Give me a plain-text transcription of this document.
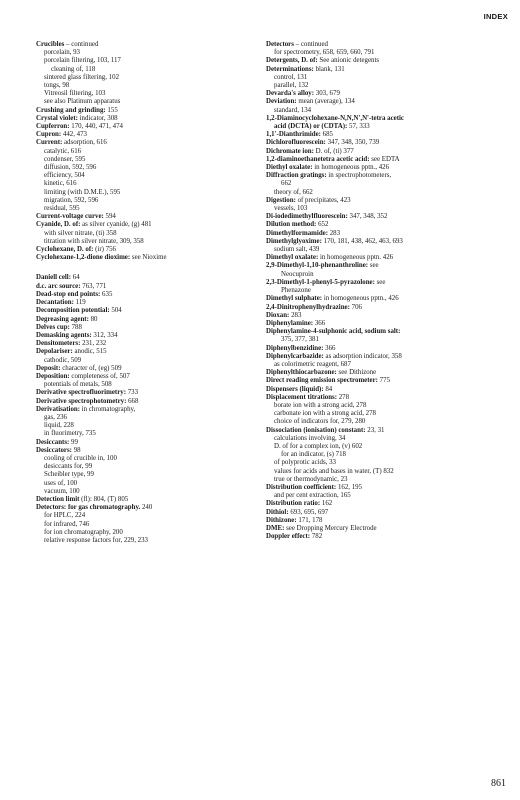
INDEX
Crucibles – continued
porcelain, 93
porcelain filtering, 103, 117
cleaning of, 118
sintered glass filtering, 102
tongs, 98
Vitreosil filtering, 103
see also Platinum apparatus
Crushing and grinding: 155
Crystal violet: indicator, 308
Cupferron: 170, 440, 471, 474
Cupron: 442, 473
Current: adsorption, 616
catalytic, 616
condenser, 595
diffusion, 592, 596
efficiency, 504
kinetic, 616
limiting (with D.M.E.), 595
migration, 592, 596
residual, 595
Current-voltage curve: 594
Cyanide, D. of: as silver cyanide, (g) 481
with silver nitrate, (ti) 358
titration with silver nitrate, 309, 358
Cyclohexane, D. of: (ir) 756
Cyclohexane-1,2-dione dioxime: see Nioxime
Daniell cell: 64
d.c. arc source: 763, 771
Dead-stop end points: 635
Decantation: 119
Decomposition potential: 504
Degreasing agent: 80
Delves cup: 788
Demasking agents: 312, 334
Densitometers: 231, 232
Depolariser: anodic, 515
cathodic, 509
Deposit: character of, (eg) 509
Deposition: completeness of, 507
potentials of metals, 508
Derivative spectrofluorimetry: 733
Derivative spectrophotometry: 668
Derivatisation: in chromatography,
gas, 236
liquid, 228
in fluorimetry, 735
Desiccants: 99
Desiccators: 98
cooling of crucible in, 100
desiccants for, 99
Scheibler type, 99
uses of, 100
vacuum, 100
Detection limit (fl): 804, (T) 805
Detectors: for gas chromatography. 240
for HPLC, 224
for infrared, 746
for ion chromatography, 200
relative response factors for, 229, 233
Detectors – continued
for spectrometry, 658, 659, 660, 791
Detergents, D. of: See anionic detegents
Determinations: blank, 131
control, 131
parallel, 132
Devarda's alloy: 303, 679
Deviation: mean (average), 134
standard, 134
1,2-Diaminocyclohexane-N,N,N',N'-tetra acetic
acid (DCTA) or (CDTA): 57, 333
1,1'-Dianthrimide: 685
Dichlorofluorescein: 347, 348, 350, 739
Dichromate ion: D. of, (ti) 377
1,2-diaminoethanetetra acetic acid: see EDTA
Diethyl oxalate: in homogeneous pptn., 426
Diffraction gratings: in spectrophotometers,
662
theory of, 662
Digestion: of precipitates, 423
vessels, 103
Di-iodedimethylfluorescein: 347, 348, 352
Dilution method: 652
Dimethylformamide: 283
Dimethylglyoxime: 170, 181, 438, 462, 463, 693
sodium salt, 439
Dimethyl oxalate: in homogeneous pptn. 426
2,9-Dimethyl-1,10-phenanthroline: see
Neocuproin
2,3-Dimethyl-1-phenyl-5-pyrazolone: see
Phenazone
Dimethyl sulphate: in homogeneous pptn., 426
2,4-Dinitrophenylhydrazine: 706
Dioxan: 283
Diphenylamine: 366
Diphenylamine-4-sulphonic acid, sodium salt:
375, 377, 381
Diphenylbenzidine: 366
Diphenylcarbazide: as adsorption indicator, 358
as colorimetric reagent, 687
Diphenylthiocarbazone: see Dithizone
Direct reading emission spectrometer: 775
Dispensers (liquid): 84
Displacement titrations: 278
borate ion with a strong acid, 278
carbonate ion with a strong acid, 278
choice of indicators for, 279, 280
Dissociation (ionisation) constant: 23, 31
calculations involving, 34
D. of for a complex ion, (v) 602
for an indicator, (s) 718
of polyprotic acids, 33
values for acids and bases in water, (T) 832
true or thermodynamic, 23
Distribution coefficient: 162, 195
and per cent extraction, 165
Distribution ratio: 162
Dithiol: 693, 695, 697
Dithizone: 171, 178
DME: see Dropping Mercury Electrode
Doppler effect: 782
861
